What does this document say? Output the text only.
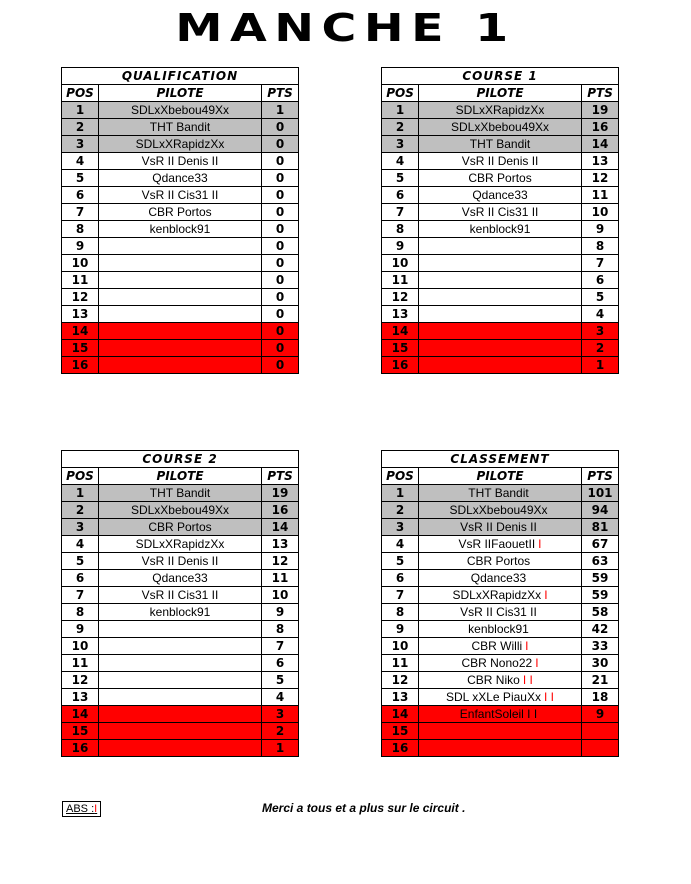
MANCHE 1
QUALIFICATION				COURSE 1		
POS	PILOTE	PTS		POS	PILOTE	PTS
1	SDLxXbebou49Xx	1		1	SDLxXRapidzXx	19
2	THT Bandit	0		2	SDLxXbebou49Xx	16
3	SDLxXRapidzXx	0		3	THT Bandit	14
4	VsR II Denis II	0		4	VsR II Denis II	13
5	Qdance33	0		5	CBR Portos	12
6	VsR II Cis31 II	0		6	Qdance33	11
7	CBR Portos	0		7	VsR II Cis31 II	10
8	kenblock91	0		8	kenblock91	9
9		0		9		8
10		0		10		7
11		0		11		6
12		0		12		5
13		0		13		4
14		0		14		3
15		0		15		2
16		0		16		1
COURSE 2				CLASSEMENT		
POS	PILOTE	PTS		POS	PILOTE	PTS
1	THT Bandit	19		1	THT Bandit	101
2	SDLxXbebou49Xx	16		2	SDLxXbebou49Xx	94
3	CBR Portos	14		3	VsR II Denis II	81
4	SDLxXRapidzXx	13		4	VsR IIFaouetII I	67
5	VsR II Denis II	12		5	CBR Portos	63
6	Qdance33	11		6	Qdance33	59
7	VsR II Cis31 II	10		7	SDLxXRapidzXx I	59
8	kenblock91	9		8	VsR II Cis31 II	58
9		8		9	kenblock91	42
10		7		10	CBR Willi I	33
11		6		11	CBR Nono22 I	30
12		5		12	CBR Niko I I	21
13		4		13	SDL xXLe PiauXx I I	18
14		3		14	EnfantSoleil I I	9
15		2		15		
16		1		16		
ABS :I	Merci a tous et a plus sur le circuit .
